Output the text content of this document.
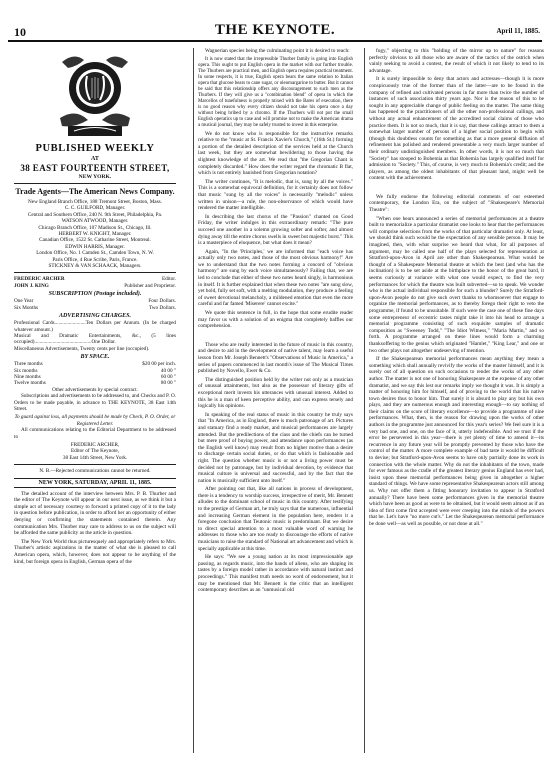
10	THE KEYNOTE.	April 11, 1885.
PUBLISHED WEEKLY
AT
38 EAST FOURTEENTH STREET,
NEW YORK.
Trade Agents—The American News Company.
New England Branch Office, 188 Tremont Street, Boston, Mass.
C. C. GUILFORD, Manager.
Central and Southern Office, 240 N. 9th Street, Philadelphia, Pa.
WATSON ATWOOD, Manager.
Chicago Branch Office, 107 Madison St., Chicago, Ill.
HERBERT W. KNIGHT, Manager.
Canadian Office, 1522 St. Catharine Street, Montreal.
EDWIN HARRIS, Manager.
London Office, No. 1 Camden St., Camden Town, N. W.
Paris Office, 4 Rue Scribe, Paris, France.
STICKNEY & VAN SCHAACK, Managers.
FREDERIC ARCHER	Editor.
JOHN J. KING	Publisher and Proprietor.
SUBSCRIPTION (Postage included).
One Year	Four Dollars.
Six Months	Two Dollars.
ADVERTISING CHARGES.
Professional Cards........................Ten Dollars per Annum. (In be charged whatever amount.)
Musical and Dramatic Entertainments, &c., (5 lines occupied)............................................One Dollar.
Miscellaneous Advertisements, Twenty cents per line (occupied).
BY SPACE.
Three months	$20 00 per inch.
Six months	40 00 "
Nine months	60 00 "
Twelve months	80 00 "
Other advertisements by special contract.

Subscriptions and advertisements to be addressed to, and Checks and P. O. Orders to be made payable, in advance to THE KEYNOTE, 38 East 14th Street.

To guard against loss, all payments should be made by Check, P. O. Order, or Registered Letter.

All communications relating to the Editorial Department to be addressed to

FREDERIC ARCHER,
Editor of The Keynote,
38 East 14th Street, New York.
N. B.—Rejected communications cannot be returned.
NEW YORK, SATURDAY, APRIL 11, 1885.

The detailed account of the interview between Mrs. P. B. Thurber and the editor of The Keynote will appear in our next issue, as we think it but a simple act of necessary courtesy to forward a printed copy of it to the lady in question before publication, in order to afford her an opportunity of either denying or confirming the statements contained therein. Any communication Mrs. Thurber may care to address to us on the subject will be afforded the same publicity as the article in question.

The New York World thus picturesquely and appropriately refers to Mrs. Thurber's artistic aspirations in the matter of what she is pleased to call American opera, which, however, does not appear to be anything of the kind, but foreign opera in English, German opera of the

Wagnerian species being the culminating point it is desired to reach:

It is now stated that the irrepressible Thurber family is going into English opera. This ought to put English opera in the market with our further trouble. The Thurbers are practical men, and English opera requires practical treatment. In some respects, it is true, English opera bears the same relation to Italian opera that glucose bears to cane sugar, or oleomargarine to butter. But it cannot be said that this relationship offers any discouragement to such men as the Thurbers. If they will give us a "combination blend" of opera in which the Marcellos of tunefulness is properly mixed with the Bares of execution, there is no good reason why every citizen should not take his opera once a day without being bribed by a chromo. If the Thurbers will not put the small English operatics up to case and will promise not to make the American drama a musical journal, they may be safely trusted to invest in this enterprise.

We do not know who is responsible for the instructive remarks relative to the "music at St. Francis Xavier's Church," (16th St.) forming a portion of the detailed description of the services held at the Church last week, but they are somewhat bewildering to those having the slightest knowledge of the art. We read that "the Gregorian Chant is completely discarded." How does the writer regard the chromatic B flat, which is not entirely banished from Gregorian notation?

The writer continues, "It is melodic, that is, sung by all the voices." This is a somewhat equivocal definition, for it certainly does not follow that music "sung by all the voices" is necessarily "melodic" unless written in unison—a rule, the non-observance of which would have rendered the matter intelligible.

In describing the last chorus of the "Passion" chanted on Good Friday, the writer indulges in this extraordinary remark: "The pure succeed one another in a solemn growing softer and softer, and almost dying away till the entire chorus swells in sweet but majestic burst." This is a masterpiece of eloquence, but what does it mean?

Again, "In the 'Principles,' we are informed that "each voice has actually only two notes, and those of the most obvious harmony!" Are we to understand that the two notes forming a concord of "obvious harmony" are sung by each voice simultaneously? Failing that, we are led to conclude that either of these two notes heard singly, is harmonious in itself. It is further explained that when these two notes "are sung slow, yet bold, fully set soft, with a melting modulation, they produce a feeling of sweet devotional melancholy, a mildened emotion that even the more careful and far famed 'Miserere' cannot excite."

We quote this sentence in full, in the hope that some erudite reader may favor us with a solution of an enigma that completely baffles our comprehension.

Those who are really interested in the future of music in this country, and desire to aid in the development of native talent, may learn a useful lesson from Mr. Joseph Bennett's "Observations of Music in America," a series of papers commenced in last month's issue of The Musical Times published by Novello, Ewer & Co.

The distinguished position held by the writer not only as a musician of unusual attainments, but also as the possessor of literary gifts of exceptional merit invests his utterances with unusual interest. Added to this he is a man of keen perceptive ability, and can express tersely and logically his opinions.

In speaking of the real status of music in this country he truly says that "In America, as in England, there is much patronage of art. Pictures and statuary find a ready market, and musical performances are largely attended. But the predilections of the class and the chiefs can be turned but mere proof of buying power, and attendance upon performances (as the English well know) may result from no higher motive than a desire to discharge certain social duties, or do that which is fashionable and right. The question whether music is or not a living power must be decided not by patronage, but by individual devotion, by evidence that musical culture is universal and successful, and by the fact that the nation is musically sufficient unto itself."

After pointing out that, like all nations in process of development, there is a tendency to worship success, irrespective of merit, Mr. Bennett alludes to the dominant school of music in this country. After testifying to the prestige of German art, he truly says that the numerous, influential and increasing German element in the population here, renders it a foregone conclusion that Teutonic music is predominant. But we desire to direct special attention to a most valuable word of warning he addresses to those who are too ready to discourage the efforts of native musicians to raise the standard of National art advancement and which is specially applicable at this time.

He says: "We see a young nation at its most impressionable age passing, as regards music, into the hands of aliens, who are shaping its tastes by a foreign model rather in accordance with natural instinct and proceedings." This manifest truth needs no word of endorsement, but it may be mentioned that Mr. Bennett is the critic that an intelligent contemporary describes as an "unmusical old

fogy," objecting to this "holding of the mirror up to nature" for reasons perfectly obvious to all those who are aware of the tactics of the ostrich when vainly seeking to avoid a contest, the result of which it not likely to tend to its advantage.

It is surely impossible to deny that actors and actresses—though it is more conspicuously true of the former than of the latter—are to be found in the company of refined and cultivated persons in far more than twice the number of instances of such association thirty years ago. Nor is the reason of this to be sought in any appreciable change of public feeling on the matter. The same thing has happened to the practitioners of all the other non-professional callings, and without any actual enhancement of the accredited social claims of those who practice them. It is not so much, that it is say, that these callings attract to them a somewhat larger number of persons of a higher social position to begin with (though this doubtless counts for something as that a more general diffusion of refinement has polished and rendered presentable a very much larger number of their ordinary undistinguished members. In other words, it is not so much that "Society" has stooped to Bohemia as that Bohemia has largely qualified itself for admission to "Society." This, of course, is very much to Bohemia's credit; and the players, as among the oldest inhabitants of that pleasant land, might well be content with the achievement.

We fully endorse the following editorial comments of our esteemed contemporary, the London Era, on the subject of "Shakespeare's Memorial Theatre":

"When one hears announced a series of memorial performances at a theatre built to memorialize a particular dramatist one looks to hear that the performances will comprise selections from the works of that particular dramatist only. At least, we should think such would be the expectation of any sensible person. It may be imagined, then, with what surprise we heard that what, for all purposes of argument, may be called one half of the plays selected for representation at Stratford-upon-Avon in April are other than Shakespearean. What would be thought of a Shakespeare Memorial theatre at which the best (and who has the inclination) is to be set aside at the birthplace to the honor of the great bard, it seems curiously at variance with what one would expect, to find the very performances for which the theatre was built subverted—so to speak. We wonder who is the actual individual responsible for such a blunder? Surely the Stratford-upon-Avon people do not give such overt thanks to whomsoever that engage to organize the memorial performances, as to thereby forego their right to veto the programme, if found to be unsuitable. If such were the case one of these fine days some entrepreneur of eccentric tastes might take it into his head to arrange a memorial programme consisting of such exquisite samples of dramatic composition as "Sweeney Todd," "The Idiot Witness," "Maria Martin," and so forth. A programme arranged on these lines would form a charming thanksoffering to the genius which originated "Hamlet," "King Lear," and one or two other plays not altogether undeserving of mention.

If the Shakespearean memorial performances mean anything they mean a something which shall annually revivify the works of the master himself, and it is surely out of all question on such occasions to render the works of any other author. The matter is not one of honoring Shakespeare at the expense of any other dramatist, and we say this lest our remarks imply we thought it was. It is simply a matter of honoring him for himself, and of proving to the world that his native town desires thus to honor him. That surely it is absurd to play any but his own plays, and they are numerous enough and interesting enough—to say nothing of their claims on the score of literary excellence—to provide a programme of nine performances. What, then, is the reason for drawing upon the works of other authors in the programme just announced for this year's series? We feel sure it is a very bad one, and one, on the face of it, utterly indefensible. And we trust if the error be persevered in this year—there is yet plenty of time to amend it—its recurrence in any future year will be promptly prevented by those who have the control of the matter. A more complete example of bad taste it would be difficult to devise; but Stratford-upon-Avon seems to have only partially done its work in connection with the whole matter. Why do not the inhabitants of the town, made for ever famous as the cradle of the greatest literary genius England has ever had, insist upon these memorial performances being given in altogether a higher standard of things. We have some representative Shakespearean actors still among us. Why not offer them a fitting honorary invitation to appear in Stratford annually? There have been some performances given in the memorial theatre which have been as good as were to be obtained, but it would seem almost as if an idea of first come first accepted were ever creeping into the minds of the powers that be. Let's have "no more cut's." Let the Shakespearean memorial performance be done well—as well as possible, or not done at all."
